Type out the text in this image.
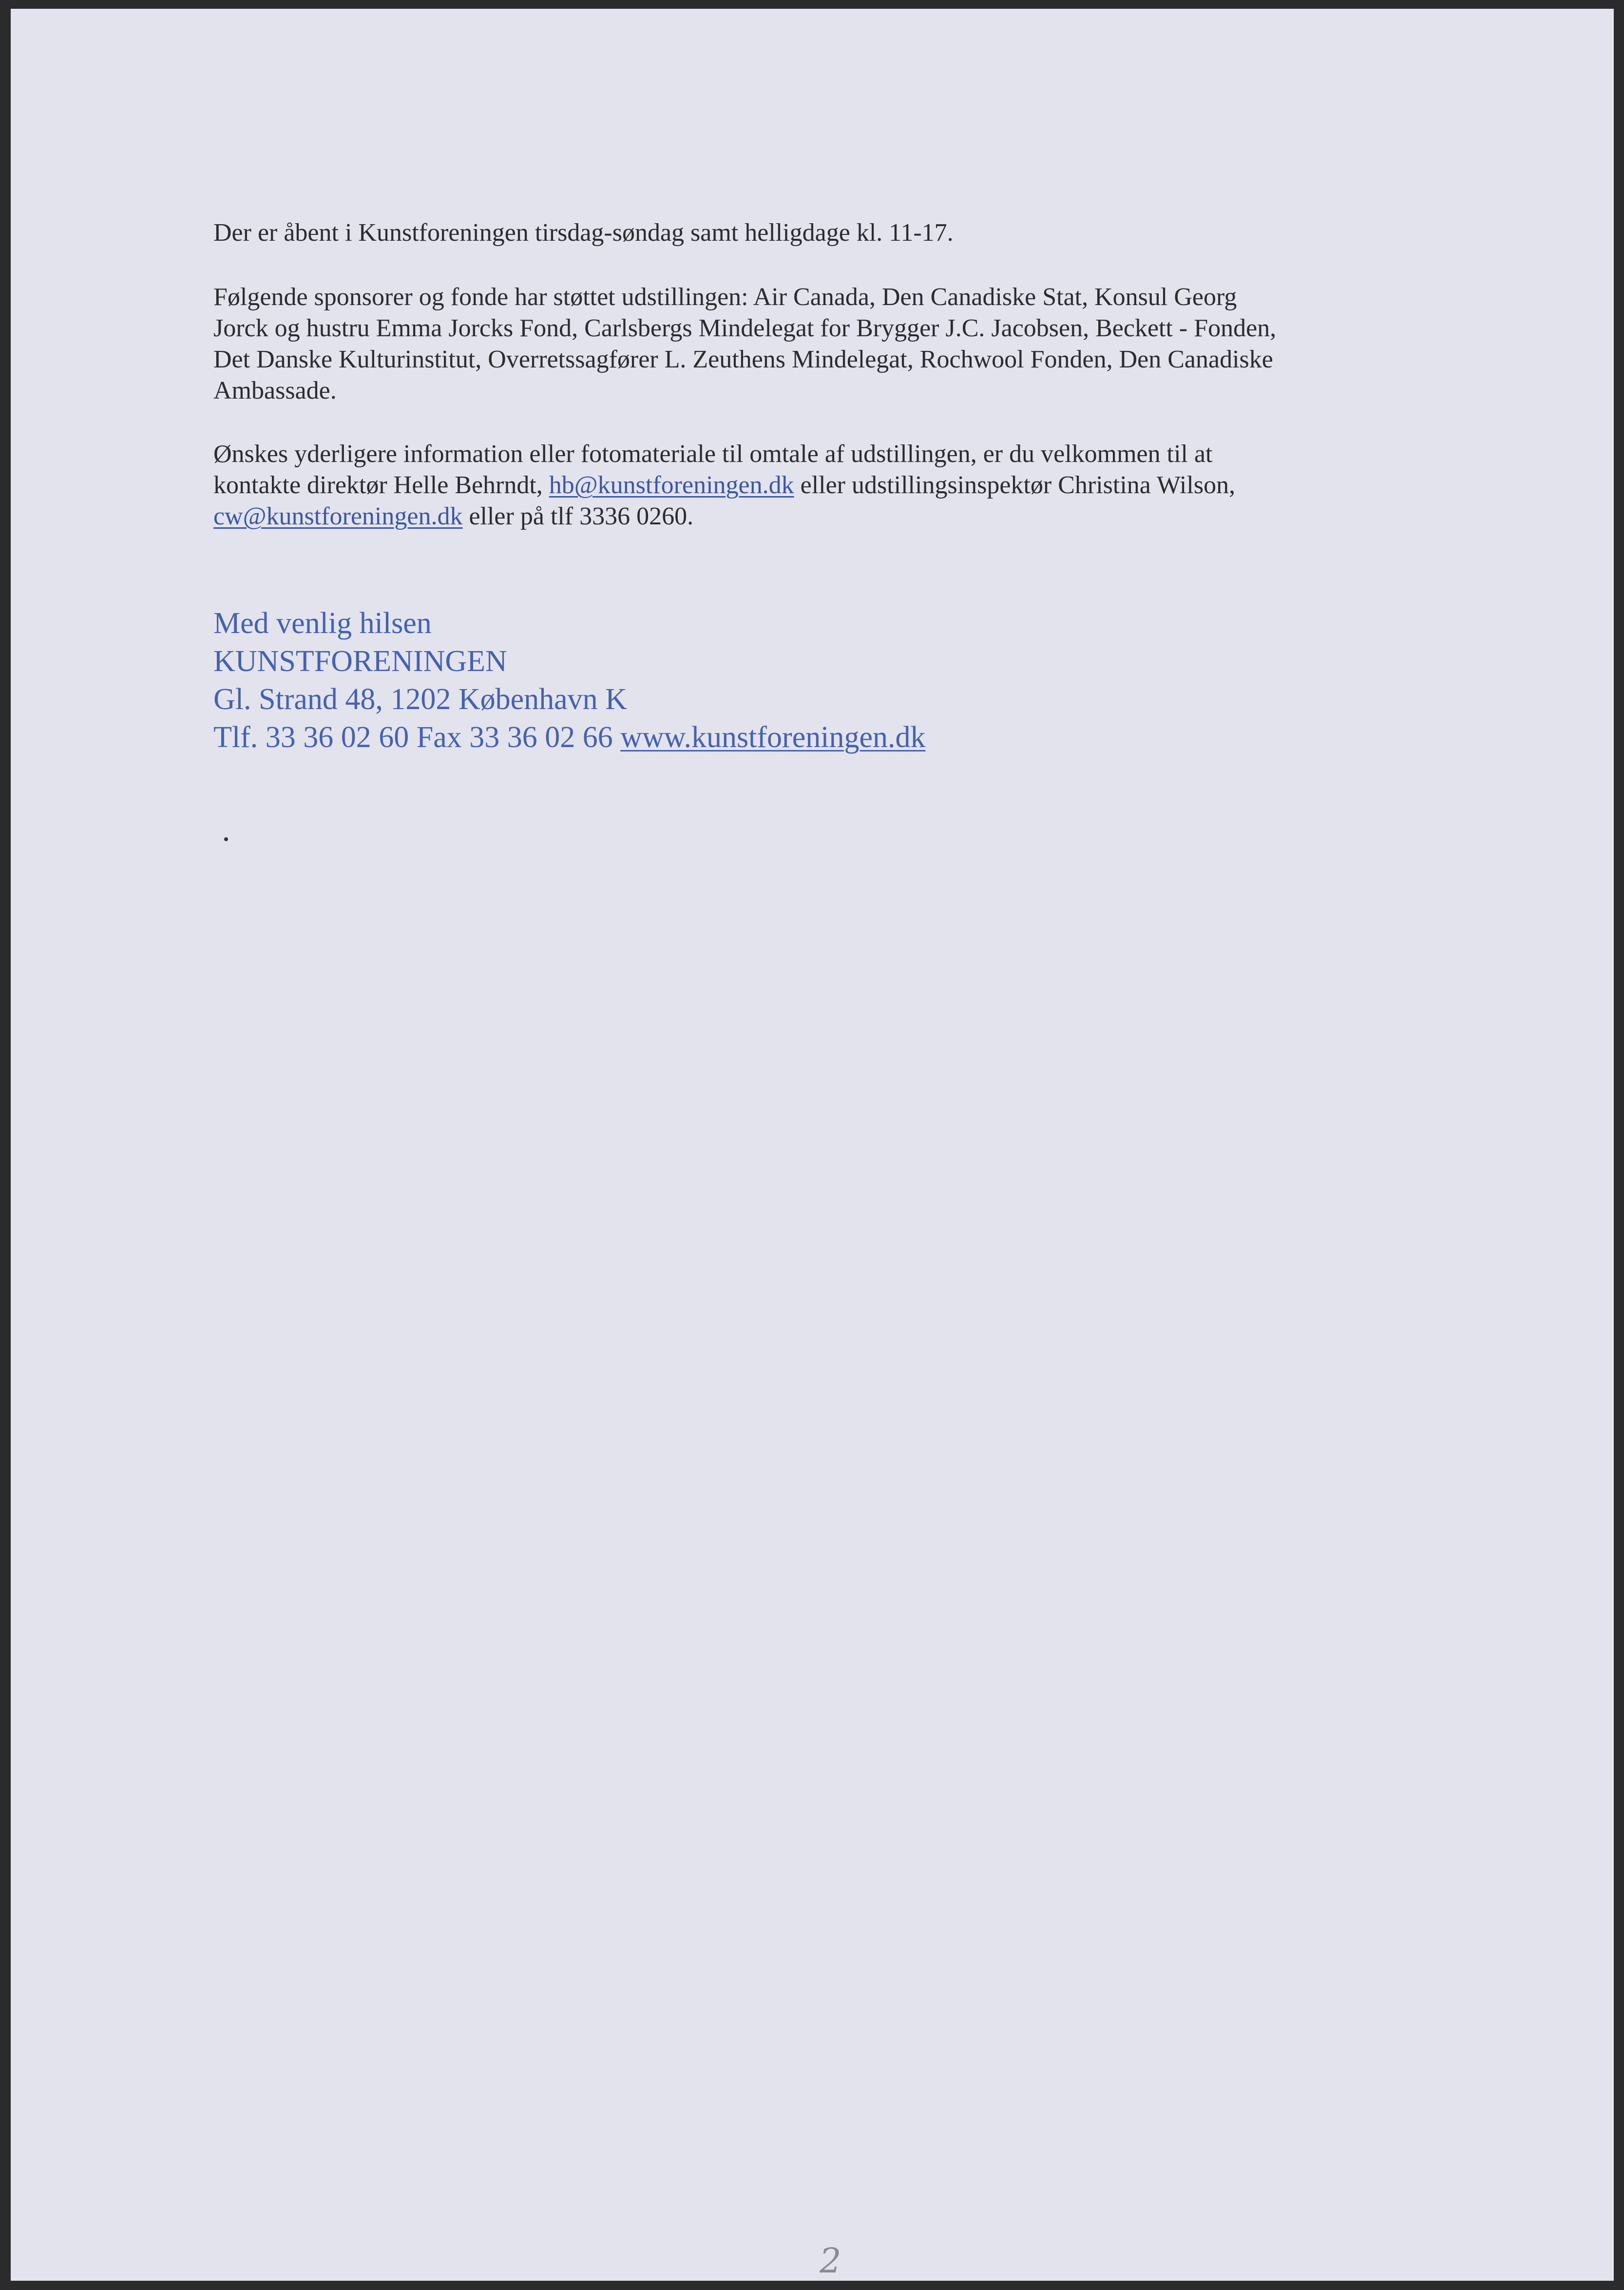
Der er åbent i Kunstforeningen tirsdag-søndag samt helligdage kl. 11-17.

Følgende sponsorer og fonde har støttet udstillingen: Air Canada, Den Canadiske Stat, Konsul Georg
Jorck og hustru Emma Jorcks Fond, Carlsbergs Mindelegat for Brygger J.C. Jacobsen, Beckett - Fonden,
Det Danske Kulturinstitut, Overretssagfører L. Zeuthens Mindelegat, Rochwool Fonden, Den Canadiske
Ambassade.
Ønskes yderligere information eller fotomateriale til omtale af udstillingen, er du velkommen til at
kontakte direktør Helle Behrndt, hb@kunstforeningen.dk eller udstillingsinspektør Christina Wilson,
cw@kunstforeningen.dk eller på tlf 3336 0260.
Med venlig hilsen
KUNSTFORENINGEN
Gl. Strand 48, 1202 København K
Tlf. 33 36 02 60 Fax 33 36 02 66 www.kunstforeningen.dk
2
